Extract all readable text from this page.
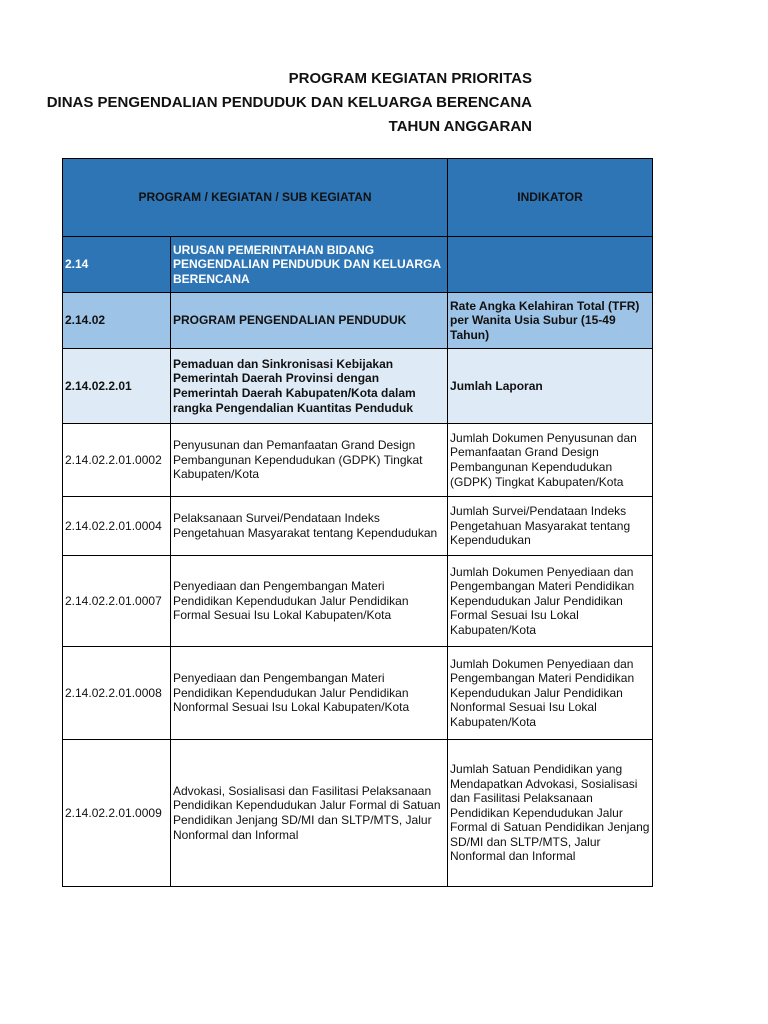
PROGRAM KEGIATAN PRIORITAS
DINAS PENGENDALIAN PENDUDUK DAN KELUARGA BERENCANA
TAHUN ANGGARAN
PROGRAM / KEGIATAN / SUB KEGIATAN		INDIKATOR
2.14	URUSAN PEMERINTAHAN BIDANG PENGENDALIAN PENDUDUK DAN KELUARGA BERENCANA	
2.14.02	PROGRAM PENGENDALIAN PENDUDUK	Rate Angka Kelahiran Total (TFR) per Wanita Usia Subur (15-49 Tahun)
2.14.02.2.01	Pemaduan dan Sinkronisasi Kebijakan Pemerintah Daerah Provinsi dengan Pemerintah Daerah Kabupaten/Kota dalam rangka Pengendalian Kuantitas Penduduk	Jumlah Laporan
2.14.02.2.01.0002	Penyusunan dan Pemanfaatan Grand Design Pembangunan Kependudukan (GDPK) Tingkat Kabupaten/Kota	Jumlah Dokumen Penyusunan dan Pemanfaatan Grand Design Pembangunan Kependudukan (GDPK) Tingkat Kabupaten/Kota
2.14.02.2.01.0004	Pelaksanaan Survei/Pendataan Indeks Pengetahuan Masyarakat tentang Kependudukan	Jumlah Survei/Pendataan Indeks Pengetahuan Masyarakat tentang Kependudukan
2.14.02.2.01.0007	Penyediaan dan Pengembangan Materi Pendidikan Kependudukan Jalur Pendidikan Formal Sesuai Isu Lokal Kabupaten/Kota	Jumlah Dokumen Penyediaan dan Pengembangan Materi Pendidikan Kependudukan Jalur Pendidikan Formal Sesuai Isu Lokal Kabupaten/Kota
2.14.02.2.01.0008	Penyediaan dan Pengembangan Materi Pendidikan Kependudukan Jalur Pendidikan Nonformal Sesuai Isu Lokal Kabupaten/Kota	Jumlah Dokumen Penyediaan dan Pengembangan Materi Pendidikan Kependudukan Jalur Pendidikan Nonformal Sesuai Isu Lokal Kabupaten/Kota
2.14.02.2.01.0009	Advokasi, Sosialisasi dan Fasilitasi Pelaksanaan Pendidikan Kependudukan Jalur Formal di Satuan Pendidikan Jenjang SD/MI dan SLTP/MTS, Jalur Nonformal dan Informal	Jumlah Satuan Pendidikan yang Mendapatkan Advokasi, Sosialisasi dan Fasilitasi Pelaksanaan Pendidikan Kependudukan Jalur Formal di Satuan Pendidikan Jenjang SD/MI dan SLTP/MTS, Jalur Nonformal dan Informal
